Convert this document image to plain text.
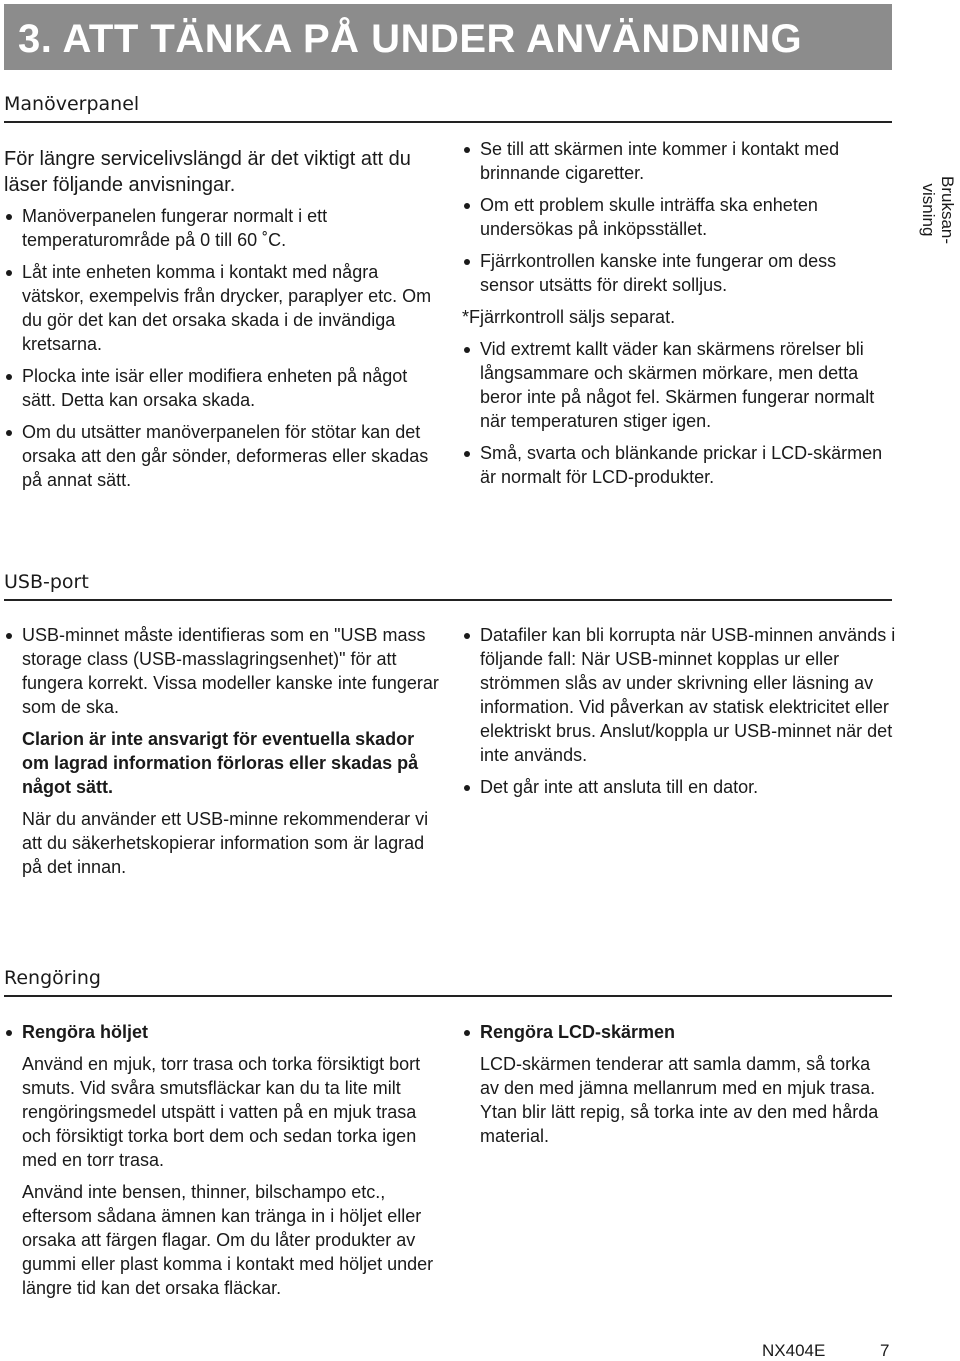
3. ATT TÄNKA PÅ UNDER ANVÄNDNING
Bruksan-visning
Manöverpanel

För längre servicelivslängd är det viktigt att du läser följande anvisningar.

Manöverpanelen fungerar normalt i ett temperaturområde på 0 till 60 ˚C.
Låt inte enheten komma i kontakt med några vätskor, exempelvis från drycker, paraplyer etc. Om du gör det kan det orsaka skada i de invändiga kretsarna.
Plocka inte isär eller modifiera enheten på något sätt. Detta kan orsaka skada.
Om du utsätter manöverpanelen för stötar kan det orsaka att den går sönder, deformeras eller skadas på annat sätt.
Se till att skärmen inte kommer i kontakt med brinnande cigaretter.
Om ett problem skulle inträffa ska enheten undersökas på inköpsstället.
Fjärrkontrollen kanske inte fungerar om dess sensor utsätts för direkt solljus.

*Fjärrkontroll säljs separat.

Vid extremt kallt väder kan skärmens rörelser bli långsammare och skärmen mörkare, men detta beror inte på något fel. Skärmen fungerar normalt när temperaturen stiger igen.
Små, svarta och blänkande prickar i LCD-skärmen är normalt för LCD-produkter.
USB-port
USB-minnet måste identifieras som en "USB mass storage class (USB-masslagringsenhet)" för att fungera korrekt. Vissa modeller kanske inte fungerar som de ska.

Clarion är inte ansvarigt för eventuella skador om lagrad information förloras eller skadas på något sätt.

När du använder ett USB-minne rekommenderar vi att du säkerhetskopierar information som är lagrad på det innan.

Datafiler kan bli korrupta när USB-minnen används i följande fall: När USB-minnet kopplas ur eller strömmen slås av under skrivning eller läsning av information. Vid påverkan av statisk elektricitet eller elektriskt brus. Anslut/koppla ur USB-minnet när det inte används.
Det går inte att ansluta till en dator.
Rengöring
Rengöra höljet

Använd en mjuk, torr trasa och torka försiktigt bort smuts. Vid svåra smutsfläckar kan du ta lite milt rengöringsmedel utspätt i vatten på en mjuk trasa och försiktigt torka bort dem och sedan torka igen med en torr trasa.

Använd inte bensen, thinner, bilschampo etc., eftersom sådana ämnen kan tränga in i höljet eller orsaka att färgen flagar. Om du låter produkter av gummi eller plast komma i kontakt med höljet under längre tid kan det orsaka fläckar.

Rengöra LCD-skärmen

LCD-skärmen tenderar att samla damm, så torka av den med jämna mellanrum med en mjuk trasa. Ytan blir lätt repig, så torka inte av den med hårda material.

NX404E	7
